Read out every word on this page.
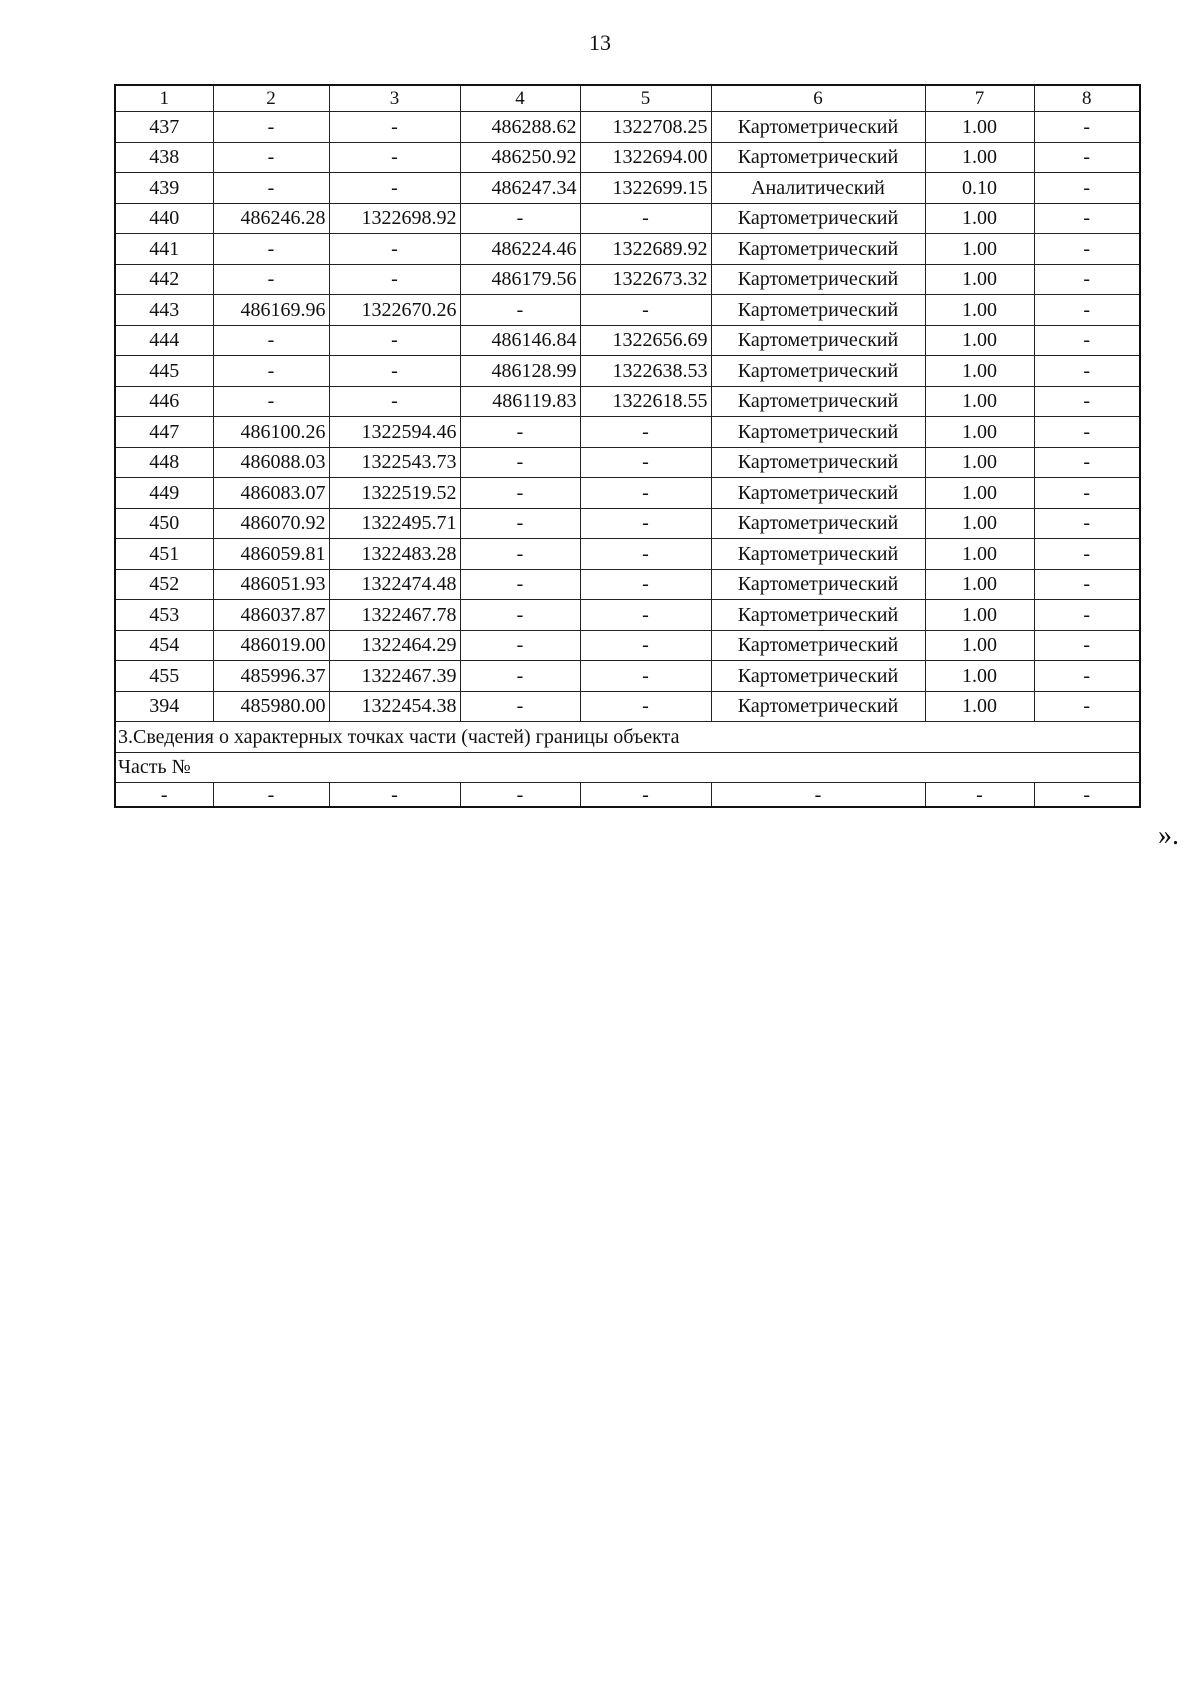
13
1	2	3	4	5	6	7	8
437	-	-	486288.62	1322708.25	Картометрический	1.00	-
438	-	-	486250.92	1322694.00	Картометрический	1.00	-
439	-	-	486247.34	1322699.15	Аналитический	0.10	-
440	486246.28	1322698.92	-	-	Картометрический	1.00	-
441	-	-	486224.46	1322689.92	Картометрический	1.00	-
442	-	-	486179.56	1322673.32	Картометрический	1.00	-
443	486169.96	1322670.26	-	-	Картометрический	1.00	-
444	-	-	486146.84	1322656.69	Картометрический	1.00	-
445	-	-	486128.99	1322638.53	Картометрический	1.00	-
446	-	-	486119.83	1322618.55	Картометрический	1.00	-
447	486100.26	1322594.46	-	-	Картометрический	1.00	-
448	486088.03	1322543.73	-	-	Картометрический	1.00	-
449	486083.07	1322519.52	-	-	Картометрический	1.00	-
450	486070.92	1322495.71	-	-	Картометрический	1.00	-
451	486059.81	1322483.28	-	-	Картометрический	1.00	-
452	486051.93	1322474.48	-	-	Картометрический	1.00	-
453	486037.87	1322467.78	-	-	Картометрический	1.00	-
454	486019.00	1322464.29	-	-	Картометрический	1.00	-
455	485996.37	1322467.39	-	-	Картометрический	1.00	-
394	485980.00	1322454.38	-	-	Картометрический	1.00	-
3.Сведения о характерных точках части (частей) границы объекта							
Часть №							
-	-	-	-	-	-	-	-
».
